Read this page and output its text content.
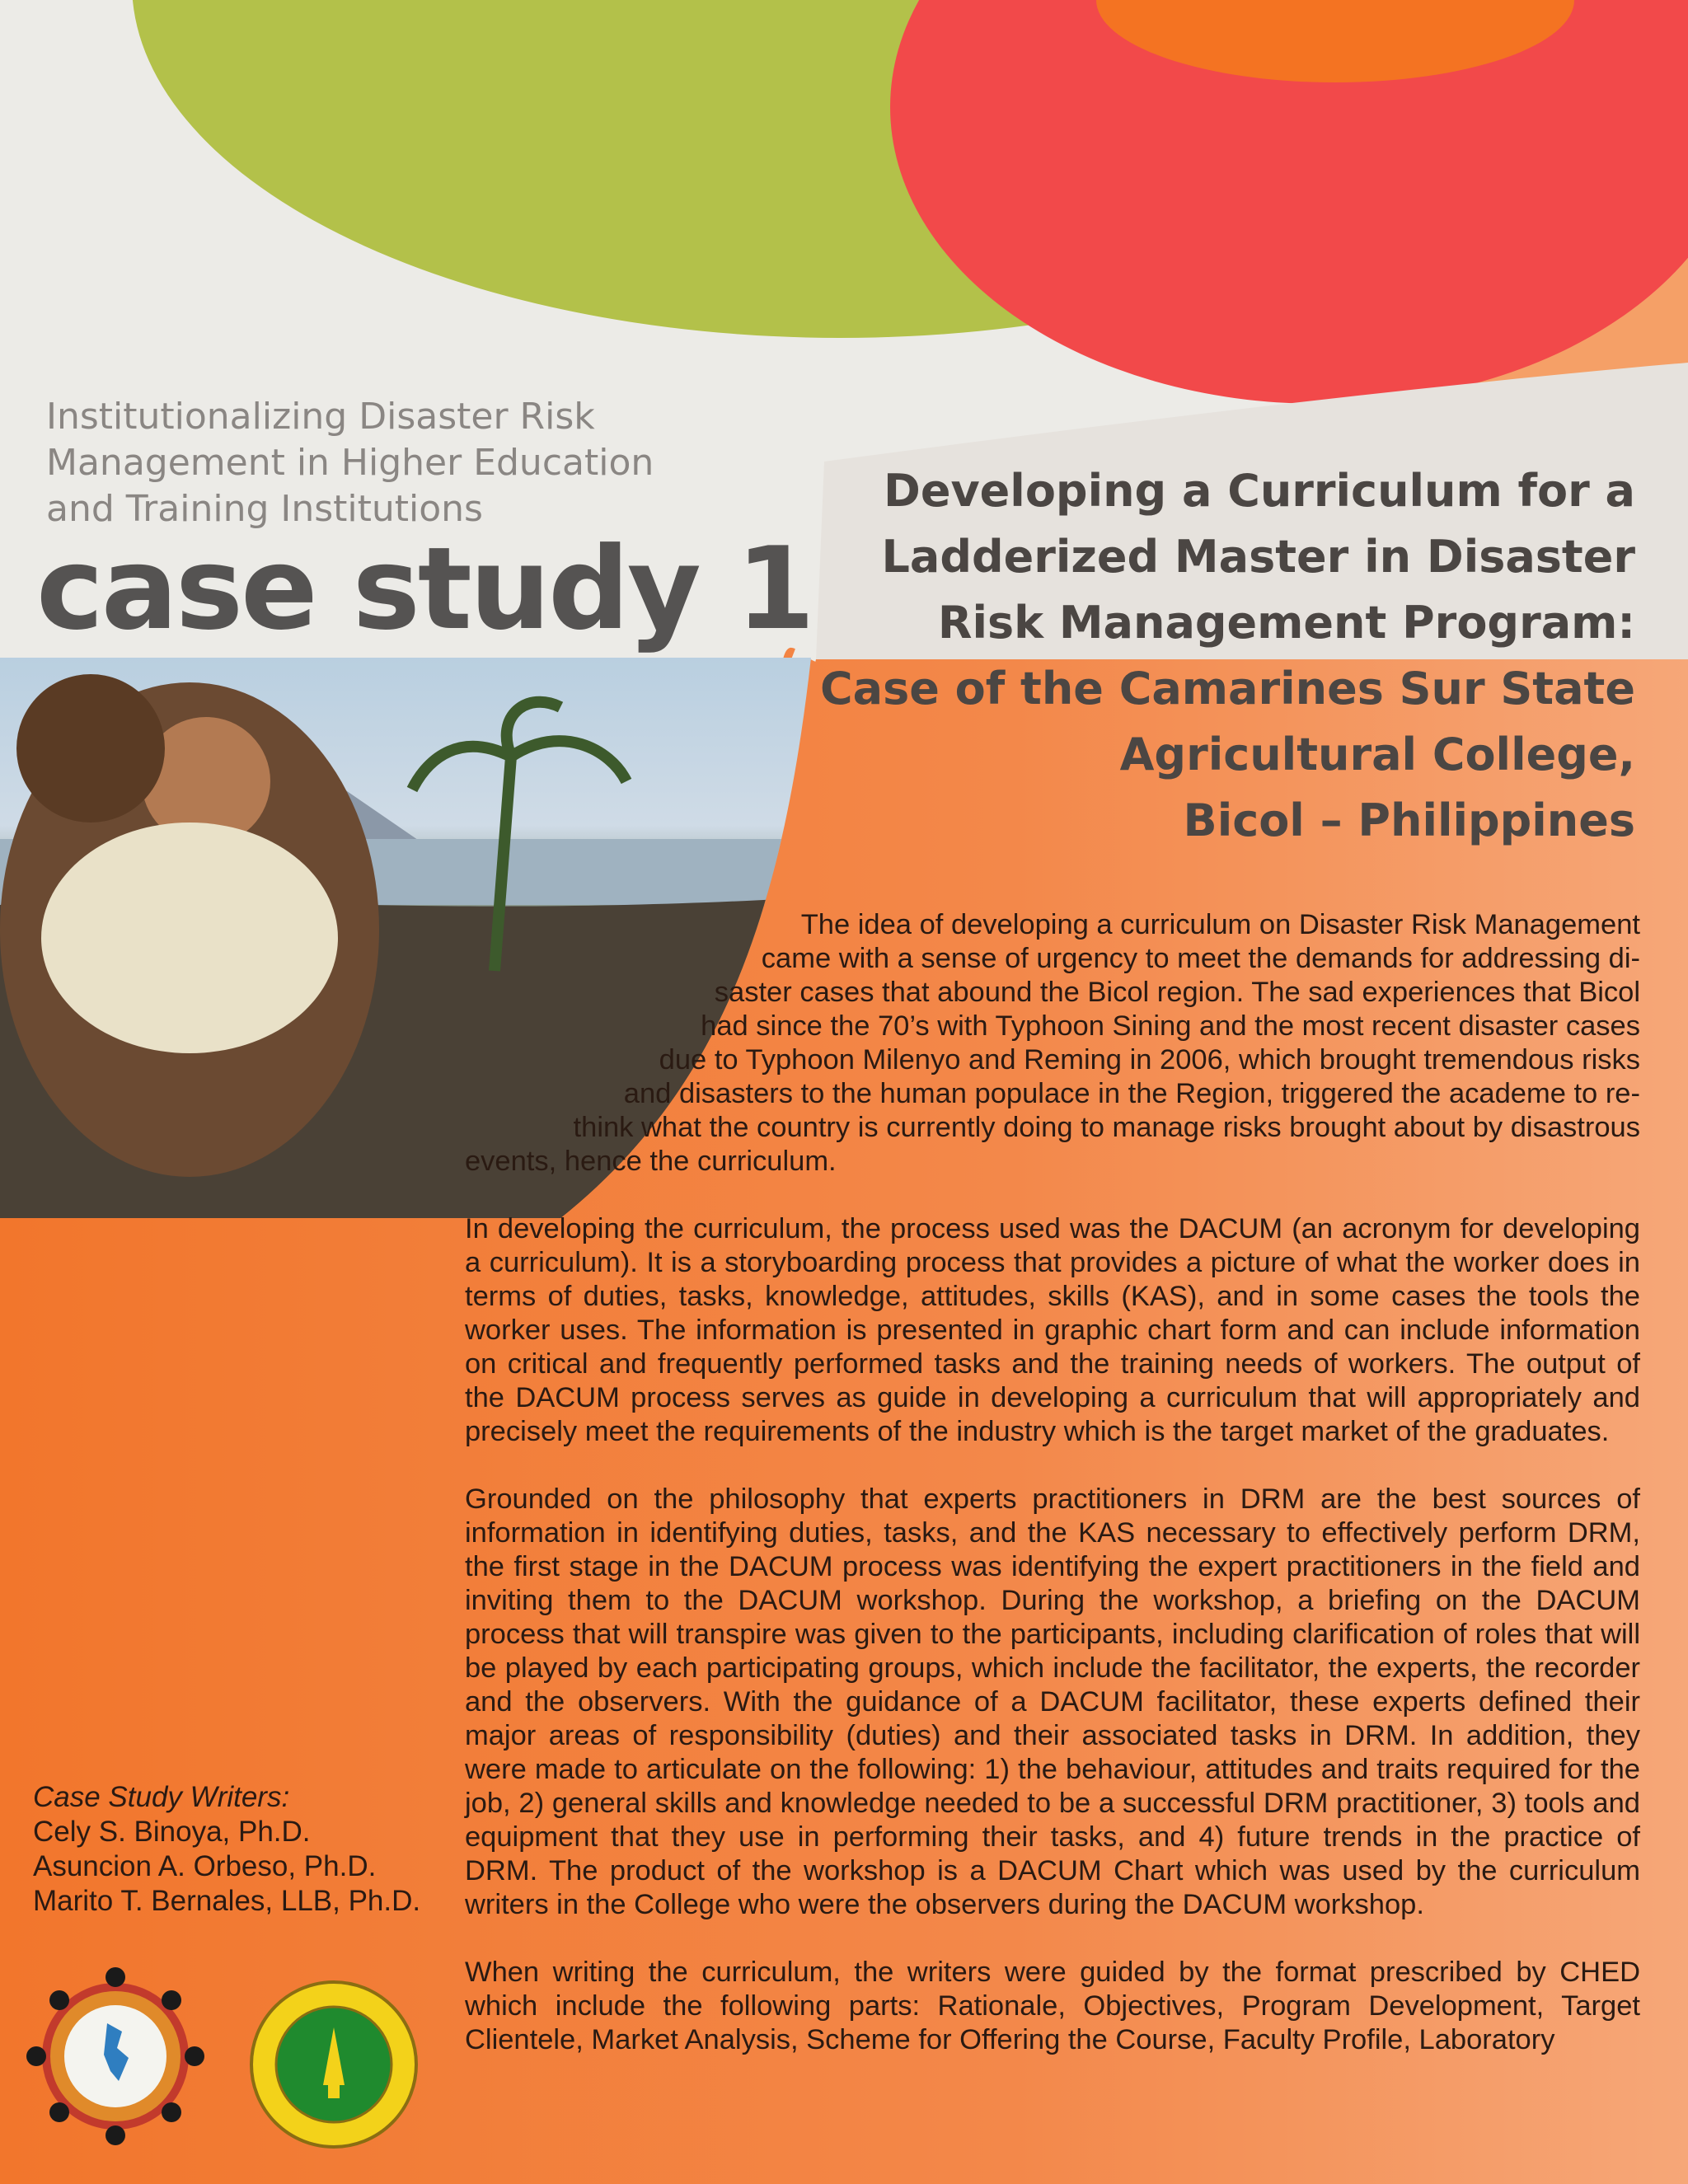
Institutionalizing Disaster Risk
Management in Higher Education
and Training Institutions
case study 1
Developing a Curriculum for a
Ladderized Master in Disaster
Risk Management Program:
Case of the Camarines Sur State
Agricultural College,
Bicol – Philippines

The idea of developing a curriculum on Disaster Risk Management
came with a sense of urgency to meet the demands for addressing di-
saster cases that abound the Bicol region. The sad experiences that Bicol
had since the 70’s with Typhoon Sining and the most recent disaster cases
due to Typhoon Milenyo and Reming in 2006, which brought tremendous risks
and disasters to the human populace in the Region, triggered the academe to re-
think what the country is currently doing to manage risks brought about by disastrous
events, hence the curriculum.

In developing the curriculum, the process used was the DACUM (an acronym for developing a curriculum). It is a storyboarding process that provides a picture of what the worker does in terms of duties, tasks, knowledge, attitudes, skills (KAS), and in some cases the tools the worker uses. The information is presented in graphic chart form and can include information on critical and frequently performed tasks and the training needs of workers. The output of the DACUM process serves as guide in developing a curriculum that will appropriately and precisely meet the requirements of the industry which is the target market of the graduates.

Grounded on the philosophy that experts practitioners in DRM are the best sources of information in identifying duties, tasks, and the KAS necessary to effectively perform DRM, the first stage in the DACUM process was identifying the expert practitioners in the field and inviting them to the DACUM workshop. During the workshop, a briefing on the DACUM process that will transpire was given to the participants, including clarification of roles that will be played by each participating groups, which include the facilitator, the experts, the recorder and the observers. With the guidance of a DACUM facilitator, these experts defined their major areas of responsibility (duties) and their associated tasks in DRM. In addition, they were made to articulate on the following: 1) the behaviour, attitudes and traits required for the job, 2) general skills and knowledge needed to be a successful DRM practitioner, 3) tools and equipment that they use in performing their tasks, and 4) future trends in the practice of DRM. The product of the workshop is a DACUM Chart which was used by the curriculum writers in the College who were the observers during the DACUM workshop.

When writing the curriculum, the writers were guided by the format prescribed by CHED which include the following parts: Rationale, Objectives, Program Development, Target Clientele, Market Analysis, Scheme for Offering the Course, Faculty Profile, Laboratory

Case Study Writers:
Cely S. Binoya, Ph.D.
Asuncion A. Orbeso, Ph.D.
Marito T. Bernales, LLB, Ph.D.
